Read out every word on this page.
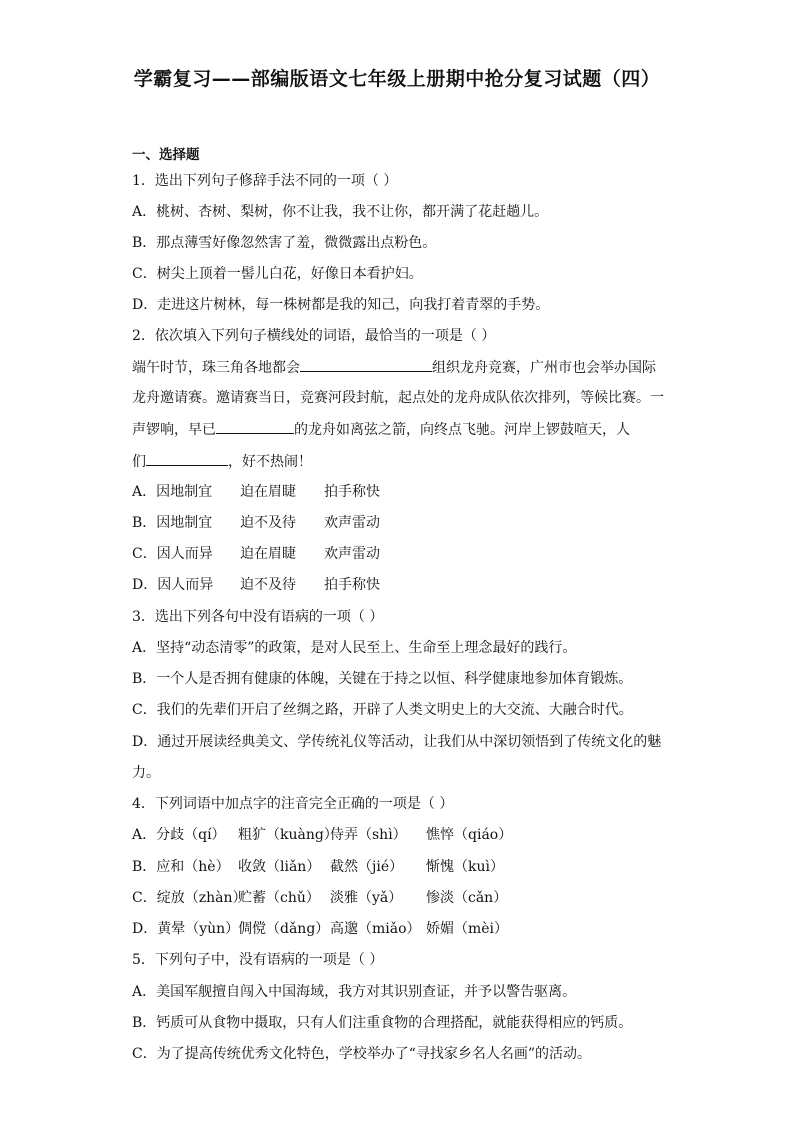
学霸复习——部编版语文七年级上册期中抢分复习试题（四）
一、选择题
1．选出下列句子修辞手法不同的一项（ ）
A．桃树、杏树、梨树，你不让我，我不让你，都开满了花赶趟儿。
B．那点薄雪好像忽然害了羞，微微露出点粉色。
C．树尖上顶着一髻儿白花，好像日本看护妇。
D．走进这片树林，每一株树都是我的知己，向我打着青翠的手势。
2．依次填入下列句子横线处的词语，最恰当的一项是（ ）
端午时节，珠三角各地都会	组织龙舟竞赛，广州市也会举办国际
龙舟邀请赛。邀请赛当日，竞赛河段封航，起点处的龙舟成队依次排列，等候比赛。一
声锣响，早已	的龙舟如离弦之箭，向终点飞驰。河岸上锣鼓喧天，人
们	，好不热闹！
A．因地制宜 迫在眉睫 拍手称快
B．因地制宜 迫不及待 欢声雷动
C．因人而异 迫在眉睫 欢声雷动
D．因人而异 迫不及待 拍手称快
3．选出下列各句中没有语病的一项（ ）
A．坚持“动态清零”的政策，是对人民至上、生命至上理念最好的践行。
B．一个人是否拥有健康的体魄，关键在于持之以恒、科学健康地参加体育锻炼。
C．我们的先辈们开启了丝绸之路，开辟了人类文明史上的大交流、大融合时代。
D．通过开展读经典美文、学传统礼仪等活动，让我们从中深切领悟到了传统文化的魅
力。
4．下列词语中加点字的注音完全正确的一项是（ ）
A．分歧（qí） 粗犷（kuàng）侍弄（shì） 憔悴（qiáo）
B．应和（hè） 收敛（liǎn） 截然（jié） 惭愧（kuì）
C．绽放（zhàn）贮蓄（chǔ） 淡雅（yǎ） 惨淡（cǎn）
D．黄晕（yùn）倜傥（dǎng）高邈（miǎo） 娇媚（mèi）
5．下列句子中，没有语病的一项是（ ）
A．美国军舰擅自闯入中国海域，我方对其识别查证，并予以警告驱离。
B．钙质可从食物中摄取，只有人们注重食物的合理搭配，就能获得相应的钙质。
C．为了提高传统优秀文化特色，学校举办了“寻找家乡名人名画”的活动。
